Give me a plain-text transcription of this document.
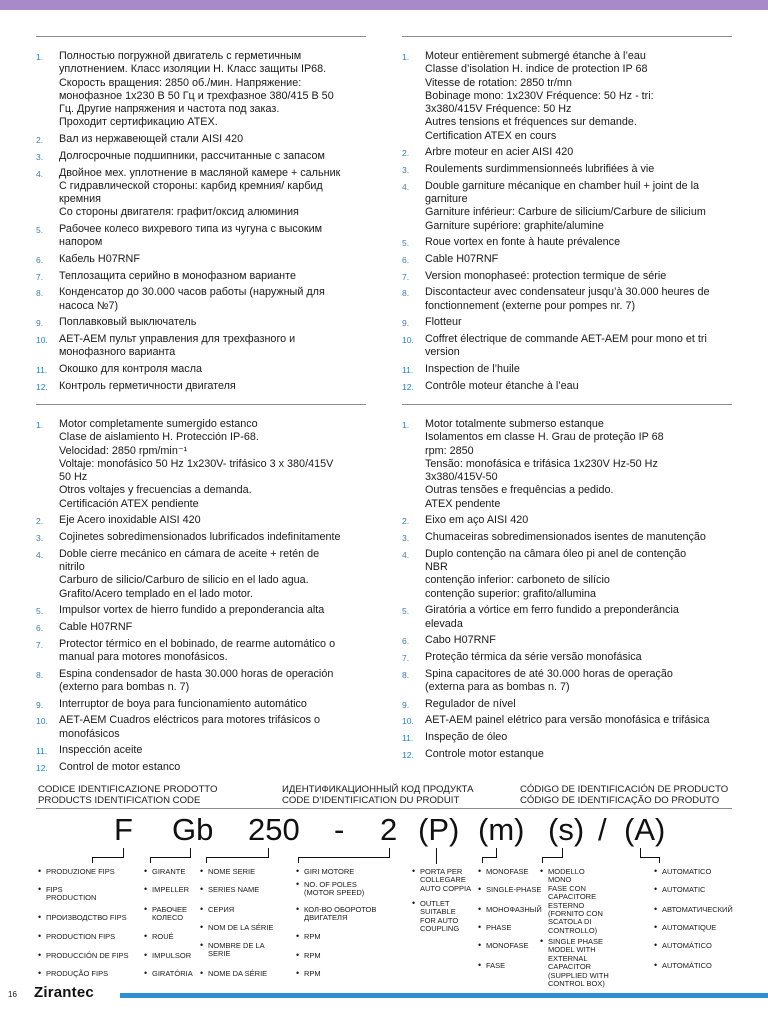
1. Полностью погружной двигатель с герметичным
уплотнением. Класс изоляции H. Класс защиты IP68.
Скорость вращения: 2850 об./мин. Напряжение:
монофазное 1x230 В 50 Гц и трехфазное 380/415 В 50
Гц. Другие напряжения и частота под заказ.
Проходит сертификацию ATEX.
2. Вал из нержавеющей стали AISI 420
3. Долгосрочные подшипники, рассчитанные с запасом
4. Двойное мех. уплотнение в масляной камере + сальник
С гидравлической стороны: карбид кремния/ карбид
кремния
Со стороны двигателя: графит/оксид алюминия
5. Рабочее колесо вихревого типа из чугуна с высоким
напором
6. Кабель H07RNF
7. Теплозащита серийно в монофазном варианте
8. Конденсатор до 30.000 часов работы (наружный для
насоса №7)
9. Поплавковый выключатель
10. AET-AEM пульт управления для трехфазного и
монофазного варианта
11. Окошко для контроля масла
12. Контроль герметичности двигателя
1. Moteur entièrement submergé étanche à l’eau
Classe d’isolation H. indice de protection IP 68
Vitesse de rotation: 2850 tr/mn
Bobinage mono: 1x230V Fréquence: 50 Hz - tri:
3x380/415V Fréquence: 50 Hz
Autres tensions et fréquences sur demande.
Certification ATEX en cours
2. Arbre moteur en acier AISI 420
3. Roulements surdimmensionneés lubrifiées à vie
4. Double garniture mécanique en chamber huil + joint de la
garniture
Garniture inférieur: Carbure de silicium/Carbure de silicium
Garniture supériore: graphite/alumine
5. Roue vortex en fonte à haute prévalence
6. Cable H07RNF
7. Version monophaseé: protection termique de série
8. Discontacteur avec condensateur jusqu’à 30.000 heures de
fonctionnement (externe pour pompes nr. 7)
9. Flotteur
10. Coffret électrique de commande AET-AEM pour mono et tri
version
11. Inspection de l’huile
12. Contrôle moteur étanche à l’eau
1. Motor completamente sumergido estanco
Clase de aislamiento H. Protección IP-68.
Velocidad: 2850 rpm/min⁻¹
Voltaje: monofásico 50 Hz 1x230V- trifásico 3 x 380/415V
50 Hz
Otros voltajes y frecuencias a demanda.
Certificación ATEX pendiente
2. Eje Acero inoxidable AISI 420
3. Cojinetes sobredimensionados lubrificados indefinitamente
4. Doble cierre mecánico en cámara de aceite + retén de
nitrilo
Carburo de silicio/Carburo de silicio en el lado agua.
Grafito/Acero templado en el lado motor.
5. Impulsor vortex de hierro fundido a preponderancia alta
6. Cable H07RNF
7. Protector térmico en el bobinado, de rearme automático o
manual para motores monofásicos.
8. Espina condensador de hasta 30.000 horas de operación
(externo para bombas n. 7)
9. Interruptor de boya para funcionamiento automático
10. AET-AEM Cuadros eléctricos para motores trifásicos o
monofásicos
11. Inspección aceite
12. Control de motor estanco
1. Motor totalmente submerso estanque
Isolamentos em classe H. Grau de proteção IP 68
rpm: 2850
Tensão: monofásica e trifásica 1x230V Hz-50 Hz
3x380/415V-50
Outras tensões e frequências a pedido.
ATEX pendente
2. Eixo em aço AISI 420
3. Chumaceiras sobredimensionados isentes de manutenção
4. Duplo contenção na câmara óleo pi anel de contenção
NBR
contenção inferior: carboneto de silício
contenção superior: grafito/allumina
5. Giratória a vórtice em ferro fundido a preponderância
elevada
6. Cabo H07RNF
7. Proteção térmica da série versão monofásica
8. Spina capacitores de até 30.000 horas de operação
(externa para as bombas n. 7)
9. Regulador de nível
10. AET-AEM painel elétrico para versão monofásica e trifásica
11. Inspeção de óleo
12. Controle motor estanque
CODICE IDENTIFICAZIONE PRODOTTO
PRODUCTS IDENTIFICATION CODE
ИДЕНТИФИКАЦИОННЫЙ КОД ПРОДУКТА
CODE D’IDENTIFICATION DU PRODUIT
CÓDIGO DE IDENTIFICACIÓN DE PRODUCTO
CÓDIGO DE IDENTIFICAÇÃO DO PRODUTO
F Gb 250 - 2 (P) (m) (s) / (A)
• PRODUZIONE FIPS
• FIPS
PRODUCTION
• ПРОИЗВОДСТВО FIPS
• PRODUCTION FIPS
• PRODUCCIÓN DE FIPS
• PRODUÇÃO FIPS
• GIRANTE
• IMPELLER
• РАБОЧЕЕ
КОЛЕСО
• ROUÉ
• IMPULSOR
• GIRATÓRIA
• NOME SERIE
• SERIES NAME
• СЕРИЯ
• NOM DE LA SÉRIE
• NOMBRE DE LA
SERIE
• NOME DA SÉRIE
• GIRI MOTORE
• NO. OF POLES
(MOTOR SPEED)
• КОЛ-ВО ОБОРОТОВ
ДВИГАТЕЛЯ
• RPM
• RPM
• RPM
• PORTA PER
COLLEGARE
AUTO COPPIA
• OUTLET
SUITABLE
FOR AUTO
COUPLING
• MONOFASE
• SINGLE-PHASE
• МОНОФАЗНЫЙ
• PHASE
• MONOFASE
• FASE
• MODELLO
MONO
FASE CON
CAPACITORE
ESTERNO
(FORNITO CON
SCATOLA DI
CONTROLLO)
• SINGLE PHASE
MODEL WITH
EXTERNAL
CAPACITOR
(SUPPLIED WITH
CONTROL BOX)
• AUTOMATICO
• AUTOMATIC
• АВТОМАТИЧЕСКИЙ
• AUTOMATIQUE
• AUTOMÁTICO
• AUTOMÁTICO
16 Zirantec
